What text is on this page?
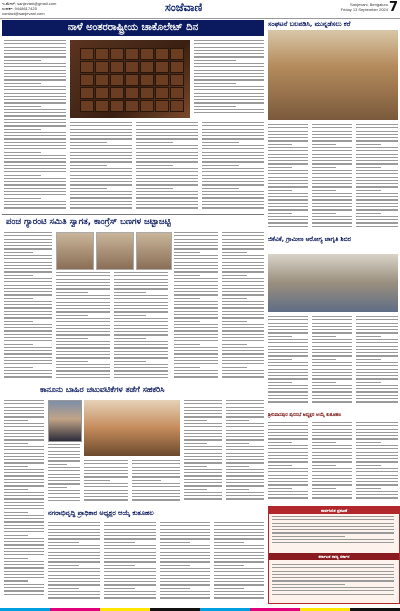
ಇ-ಮೇಲ್: sanjevani@gmail.com
ಸಂಪರ್ಕ: 9448617425
contact@sanjevani.com	ಸಂಜೆವಾಣಿ	Sanjevani, Bengaluru
Friday 13 September 2024 7
ನಾಳೆ ಅಂತರರಾಷ್ಟ್ರೀಯ ಚಾಕೊಲೇಟ್ ದಿನ	ಸಂಘಟನೆ ಬಲಪಡಿಸಿ, ಮುನ್ನಡೆಸಲು ಕರೆ
ಪಂಚ ಗ್ಯಾರಂಟಿ ಸಮಿತಿ ಸ್ವಾಗತ, ಕಾಂಗ್ರೆಸ್ ಬಣಗಳ ಜಟ್ಟಾಜಟ್ಟಿ
ಜಿಕೆವಿಕೆ, ಗ್ರಾಮೀಣ ಆರೋಗ್ಯ ಜಾಗೃತಿ ಶಿಬಿರ
ಕಾನೂನು ಬಾಹಿರ ಚಟುವಟಿಕೆಗಳ ತಡೆಗೆ ಸಹಕರಿಸಿ
ನಗರಾಭಿವೃದ್ಧಿ ಪ್ರಾಧಿಕಾರ ಅಧ್ಯಕ್ಷರ ಆಯ್ಕೆ ಕುತೂಹಲ
ಶ್ರೀನಿವಾಸಪುರ ಪುರಸಭೆ ಅಧ್ಯಕ್ಷರ ಆಯ್ಕೆ ಕುತೂಹಲ
ಸಾರ್ವಜನಿಕ ಪ್ರಕಟಣೆ
ಕರ್ನಾಟಕ ರಾಜ್ಯ ಸರ್ಕಾರ
